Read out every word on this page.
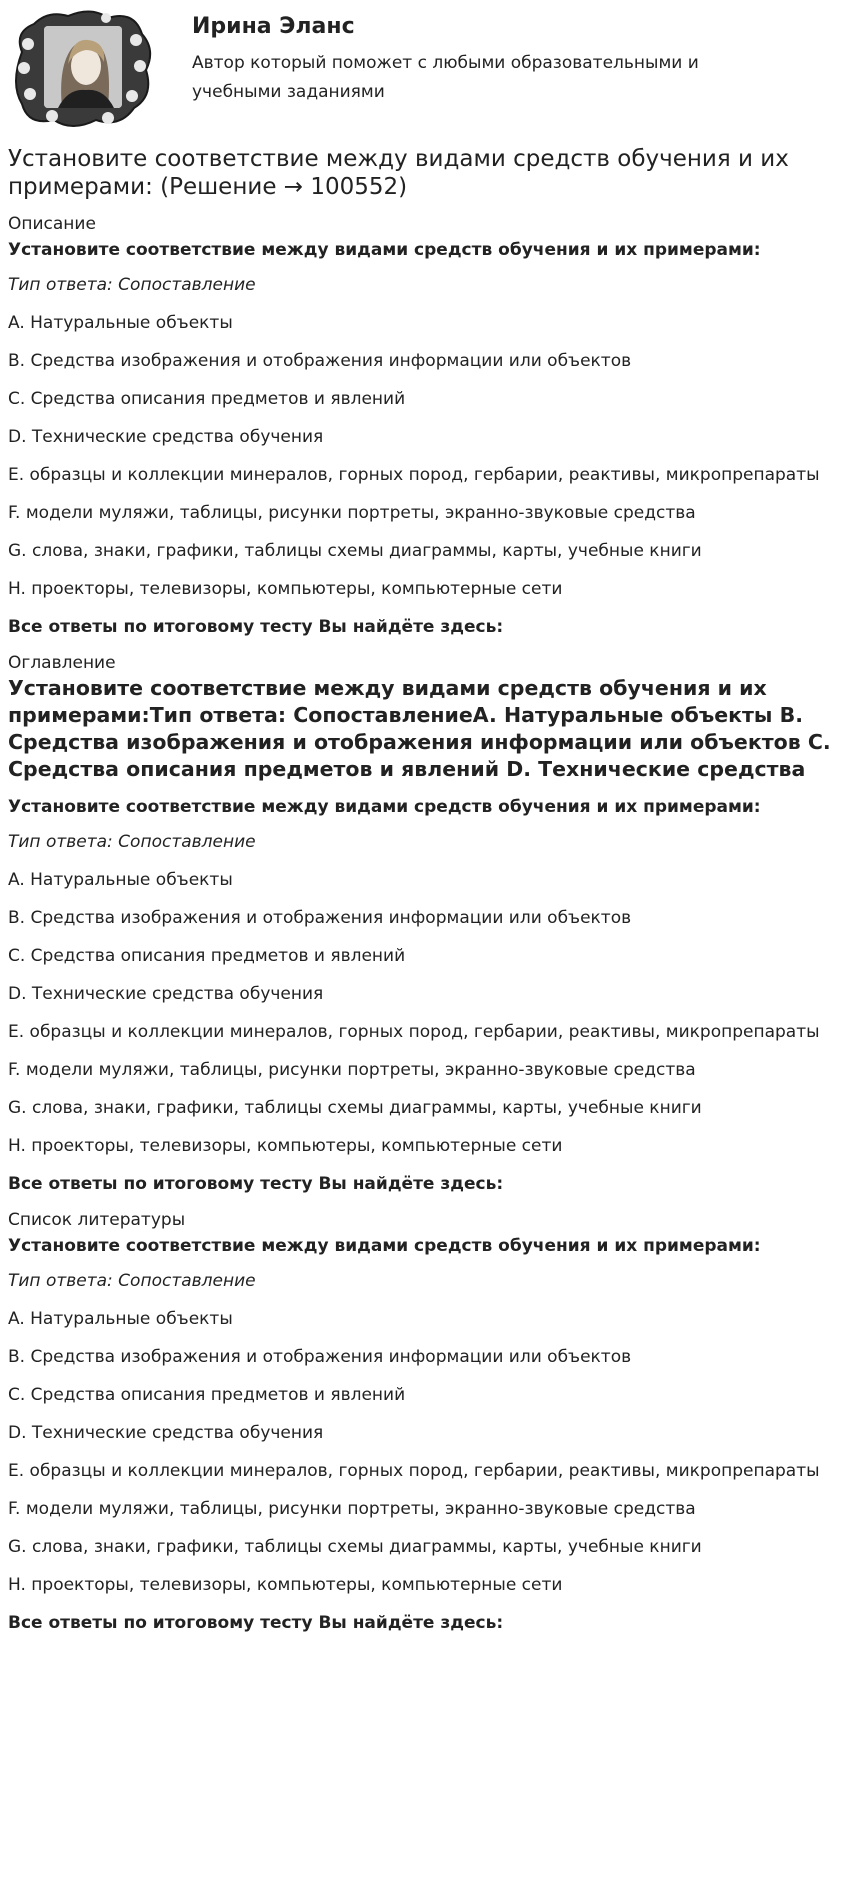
Ирина Эланс
Автор который поможет с любыми образовательными и учебными заданиями
Установите соответствие между видами средств обучения и их примерами: (Решение → 100552)
Описание
Установите соответствие между видами средств обучения и их примерами:
Тип ответа: Сопоставление
A. Натуральные объекты
B. Средства изображения и отображения информации или объектов
C. Средства описания предметов и явлений
D. Технические средства обучения
E. образцы и коллекции минералов, горных пород, гербарии, реактивы, микропрепараты
F. модели муляжи, таблицы, рисунки портреты, экранно-звуковые средства
G. слова, знаки, графики, таблицы схемы диаграммы, карты, учебные книги
H. проекторы, телевизоры, компьютеры, компьютерные сети
Все ответы по итоговому тесту Вы найдёте здесь:
Оглавление
Установите соответствие между видами средств обучения и их примерами:Тип ответа: СопоставлениеA. Натуральные объекты B. Средства изображения и отображения информации или объектов C. Средства описания предметов и явлений D. Технические средства
Установите соответствие между видами средств обучения и их примерами:
Тип ответа: Сопоставление
A. Натуральные объекты
B. Средства изображения и отображения информации или объектов
C. Средства описания предметов и явлений
D. Технические средства обучения
E. образцы и коллекции минералов, горных пород, гербарии, реактивы, микропрепараты
F. модели муляжи, таблицы, рисунки портреты, экранно-звуковые средства
G. слова, знаки, графики, таблицы схемы диаграммы, карты, учебные книги
H. проекторы, телевизоры, компьютеры, компьютерные сети
Все ответы по итоговому тесту Вы найдёте здесь:
Список литературы
Установите соответствие между видами средств обучения и их примерами:
Тип ответа: Сопоставление
A. Натуральные объекты
B. Средства изображения и отображения информации или объектов
C. Средства описания предметов и явлений
D. Технические средства обучения
E. образцы и коллекции минералов, горных пород, гербарии, реактивы, микропрепараты
F. модели муляжи, таблицы, рисунки портреты, экранно-звуковые средства
G. слова, знаки, графики, таблицы схемы диаграммы, карты, учебные книги
H. проекторы, телевизоры, компьютеры, компьютерные сети
Все ответы по итоговому тесту Вы найдёте здесь:
